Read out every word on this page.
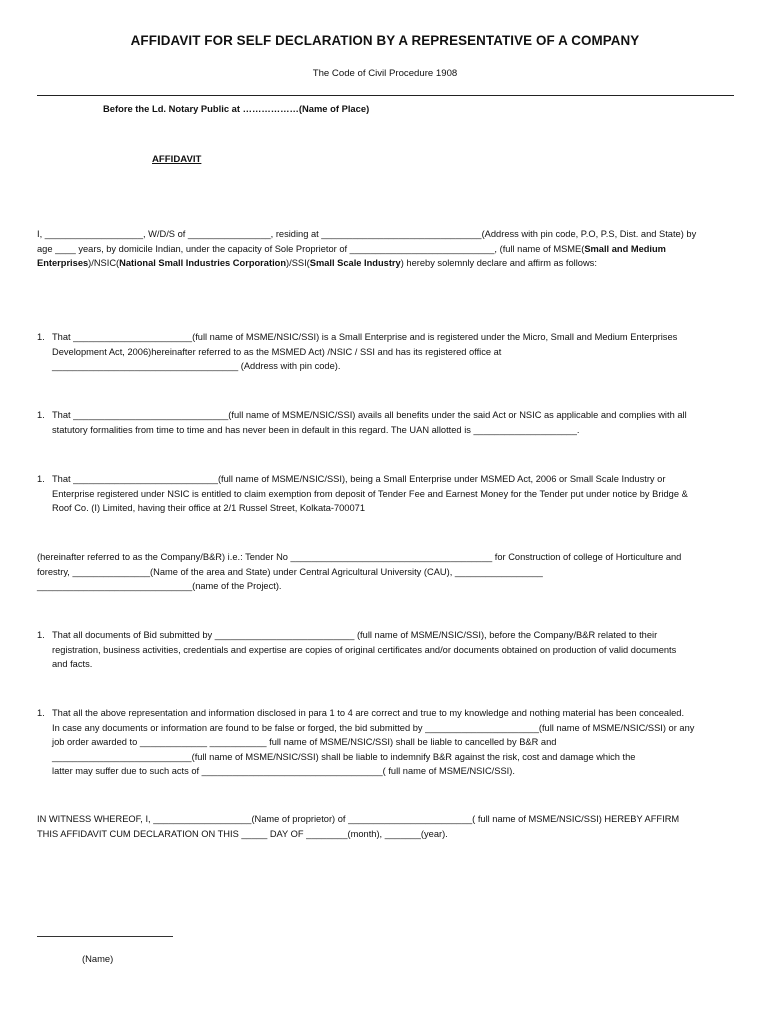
AFFIDAVIT FOR SELF DECLARATION BY A REPRESENTATIVE OF A COMPANY
The Code of Civil Procedure 1908
Before the Ld. Notary Public at ………………(Name of Place)
AFFIDAVIT
I, ___________________, W/D/S of ________________, residing at _______________________________(Address with pin code, P.O, P.S, Dist. and State) by
age ____ years, by domicile Indian, under the capacity of Sole Proprietor of ____________________________, (full name of MSME(Small and Medium
Enterprises)/NSIC(National Small Industries Corporation)/SSI(Small Scale Industry) hereby solemnly declare and affirm as follows:
1. That _______________________(full name of MSME/NSIC/SSI) is a Small Enterprise and is registered under the Micro, Small and Medium Enterprises
Development Act, 2006)hereinafter referred to as the MSMED Act) /NSIC / SSI and has its registered office at
____________________________________ (Address with pin code).
1. That ______________________________(full name of MSME/NSIC/SSI) avails all benefits under the said Act or NSIC as applicable and complies with all
statutory formalities from time to time and has never been in default in this regard. The UAN allotted is ____________________.
1. That ____________________________(full name of MSME/NSIC/SSI), being a Small Enterprise under MSMED Act, 2006 or Small Scale Industry or
Enterprise registered under NSIC is entitled to claim exemption from deposit of Tender Fee and Earnest Money for the Tender put under notice by Bridge &
Roof Co. (I) Limited, having their office at 2/1 Russel Street, Kolkata-700071
(hereinafter referred to as the Company/B&R) i.e.: Tender No _______________________________________ for Construction of college of Horticulture and
forestry, _______________(Name of the area and State) under Central Agricultural University (CAU), _________________
______________________________(name of the Project).
1. That all documents of Bid submitted by ___________________________ (full name of MSME/NSIC/SSI), before the Company/B&R related to their
registration, business activities, credentials and expertise are copies of original certificates and/or documents obtained on production of valid documents
and facts.
1. That all the above representation and information disclosed in para 1 to 4 are correct and true to my knowledge and nothing material has been concealed.
In case any documents or information are found to be false or forged, the bid submitted by ______________________(full name of MSME/NSIC/SSI) or any
job order awarded to _____________ ___________ full name of MSME/NSIC/SSI) shall be liable to cancelled by B&R and
___________________________(full name of MSME/NSIC/SSI) shall be liable to indemnify B&R against the risk, cost and damage which the
latter may suffer due to such acts of ___________________________________( full name of MSME/NSIC/SSI).
IN WITNESS WHEREOF, I, ___________________(Name of proprietor) of ________________________( full name of MSME/NSIC/SSI) HEREBY AFFIRM
THIS AFFIDAVIT CUM DECLARATION ON THIS _____ DAY OF ________(month), _______(year).
(Name)
